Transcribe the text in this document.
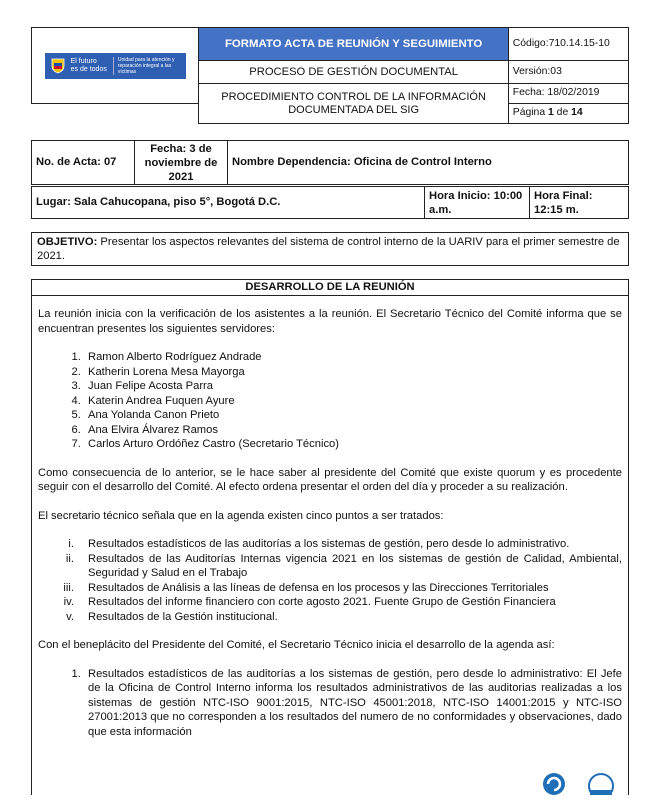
El futuro
es de todos
Unidad para la atención y reparación integral a las víctimas	FORMATO ACTA DE REUNIÓN Y SEGUIMIENTO	Código:710.14.15-10
	PROCESO DE GESTIÓN DOCUMENTAL	Versión:03
	PROCEDIMIENTO CONTROL DE LA INFORMACIÓN DOCUMENTADA DEL SIG	Fecha: 18/02/2019
		Página 1 de 14
No. de Acta: 07	Fecha: 3 de noviembre de 2021	Nombre Dependencia: Oficina de Control Interno
Lugar: Sala Cahucopana, piso 5°, Bogotá D.C.	Hora Inicio: 10:00 a.m.	Hora Final: 12:15 m.
OBJETIVO: Presentar los aspectos relevantes del sistema de control interno de la UARIV para el primer semestre de 2021.
DESARROLLO DE LA REUNIÓN

La reunión inicia con la verificación de los asistentes a la reunión. El Secretario Técnico del Comité informa que se encuentran presentes los siguientes servidores:

1. Ramon Alberto Rodríguez Andrade
2. Katherin Lorena Mesa Mayorga
3. Juan Felipe Acosta Parra
4. Katerin Andrea Fuquen Ayure
5. Ana Yolanda Canon Prieto
6. Ana Elvira Álvarez Ramos
7. Carlos Arturo Ordóñez Castro (Secretario Técnico)

Como consecuencia de lo anterior, se le hace saber al presidente del Comité que existe quorum y es procedente seguir con el desarrollo del Comité. Al efecto ordena presentar el orden del día y proceder a su realización.

El secretario técnico señala que en la agenda existen cinco puntos a ser tratados:

i. Resultados estadísticos de las auditorías a los sistemas de gestión, pero desde lo administrativo.
ii. Resultados de las Auditorías Internas vigencia 2021 en los sistemas de gestión de Calidad, Ambiental, Seguridad y Salud en el Trabajo
iii. Resultados de Análisis a las líneas de defensa en los procesos y las Direcciones Territoriales
iv. Resultados del informe financiero con corte agosto 2021. Fuente Grupo de Gestión Financiera
v. Resultados de la Gestión institucional.

Con el beneplácito del Presidente del Comité, el Secretario Técnico inicia el desarrollo de la agenda así:

1. Resultados estadísticos de las auditorías a los sistemas de gestión, pero desde lo administrativo: El Jefe de la Oficina de Control Interno informa los resultados administrativos de las auditorias realizadas a los sistemas de gestión NTC-ISO 9001:2015, NTC-ISO 45001:2018, NTC-ISO 14001:2015 y NTC-ISO 27001:2013 que no corresponden a los resultados del numero de no conformidades y observaciones, dado que esta información
